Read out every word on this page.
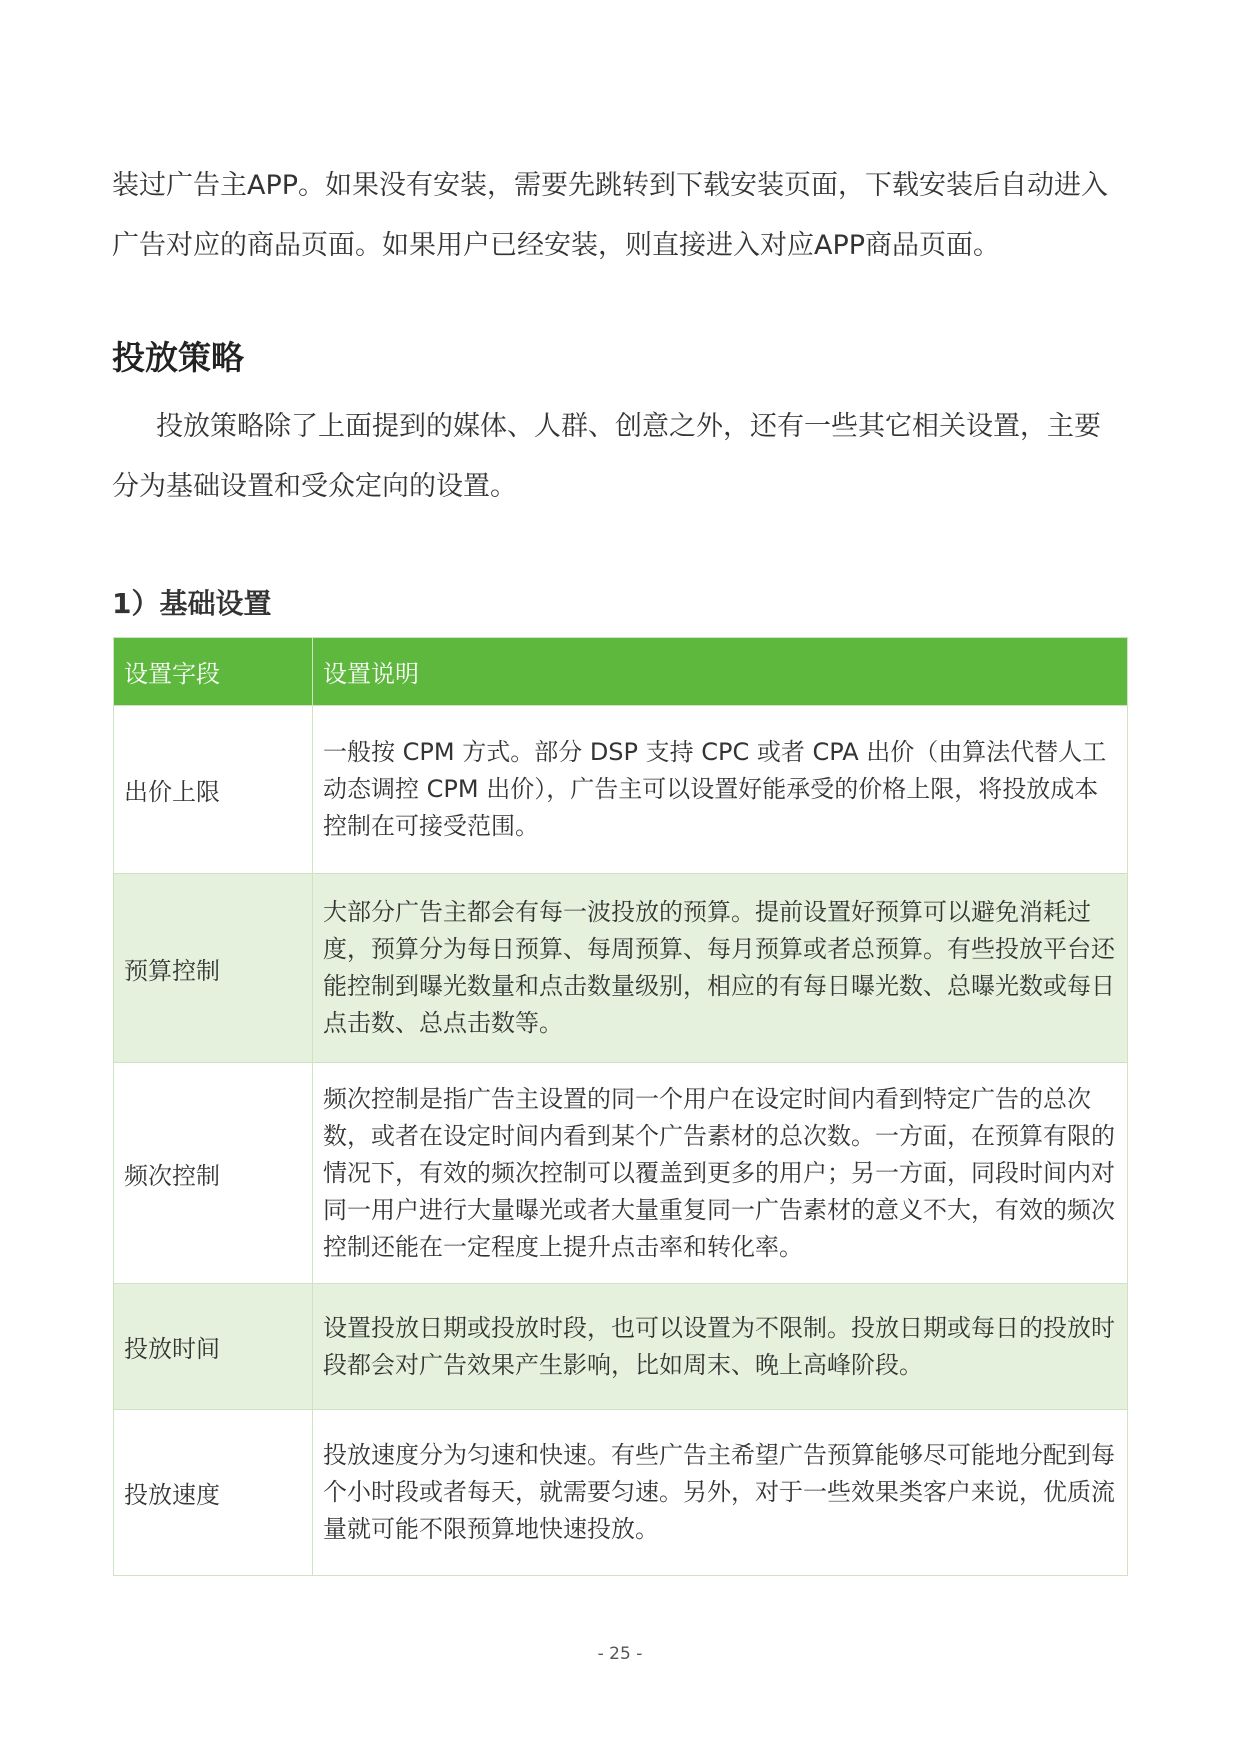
装过广告主APP。如果没有安装，需要先跳转到下载安装页面，下载安装后自动进入

广告对应的商品页面。如果用户已经安装，则直接进入对应APP商品页面。

投放策略

投放策略除了上面提到的媒体、人群、创意之外，还有一些其它相关设置，主要分为基础设置和受众定向的设置。

1）基础设置
设置字段	设置说明
出价上限	一般按 CPM 方式。部分 DSP 支持 CPC 或者 CPA 出价（由算法代替人工动态调控 CPM 出价），广告主可以设置好能承受的价格上限，将投放成本控制在可接受范围。
预算控制	大部分广告主都会有每一波投放的预算。提前设置好预算可以避免消耗过度，预算分为每日预算、每周预算、每月预算或者总预算。有些投放平台还能控制到曝光数量和点击数量级别，相应的有每日曝光数、总曝光数或每日点击数、总点击数等。
频次控制	频次控制是指广告主设置的同一个用户在设定时间内看到特定广告的总次数，或者在设定时间内看到某个广告素材的总次数。一方面，在预算有限的情况下，有效的频次控制可以覆盖到更多的用户；另一方面，同段时间内对同一用户进行大量曝光或者大量重复同一广告素材的意义不大，有效的频次控制还能在一定程度上提升点击率和转化率。
投放时间	设置投放日期或投放时段，也可以设置为不限制。投放日期或每日的投放时段都会对广告效果产生影响，比如周末、晚上高峰阶段。
投放速度	投放速度分为匀速和快速。有些广告主希望广告预算能够尽可能地分配到每个小时段或者每天，就需要匀速。另外，对于一些效果类客户来说，优质流量就可能不限预算地快速投放。
- 25 -
